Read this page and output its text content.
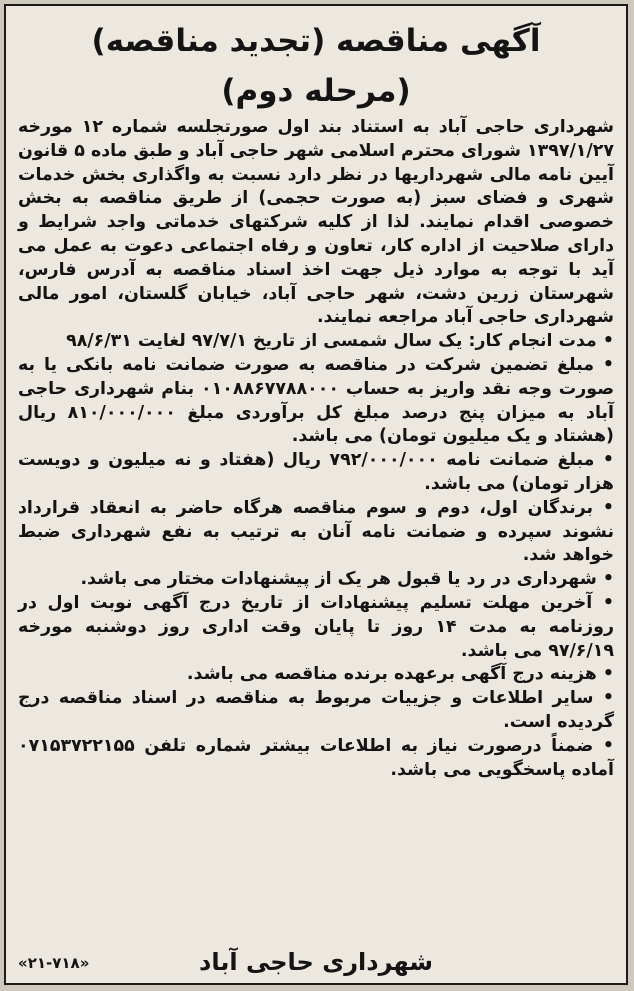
آگهی مناقصه (تجدید مناقصه)
(مرحله دوم)

شهرداری حاجی آباد به استناد بند اول صورتجلسه شماره ۱۲ مورخه ۱۳۹۷/۱/۲۷ شورای محترم اسلامی شهر حاجی آباد و طبق ماده ۵ قانون آیین نامه مالی شهرداریها در نظر دارد نسبت به واگذاری بخش خدمات شهری و فضای سبز (به صورت حجمی) از طریق مناقصه به بخش خصوصی اقدام نمایند. لذا از کلیه شرکتهای خدماتی واجد شرایط و دارای صلاحیت از اداره کار، تعاون و رفاه اجتماعی دعوت به عمل می آید با توجه به موارد ذیل جهت اخذ اسناد مناقصه به آدرس فارس، شهرستان زرین دشت، شهر حاجی آباد، خیابان گلستان، امور مالی شهرداری حاجی آباد مراجعه نمایند.

• مدت انجام کار: یک سال شمسی از تاریخ ۹۷/۷/۱ لغایت ۹۸/۶/۳۱
• مبلغ تضمین شرکت در مناقصه به صورت ضمانت نامه بانکی یا به صورت وجه نقد واریز به حساب ۰۱۰۸۸۶۷۷۸۸۰۰۰ بنام شهرداری حاجی آباد به میزان پنج درصد مبلغ کل برآوردی مبلغ ۸۱۰/۰۰۰/۰۰۰ ریال (هشتاد و یک میلیون تومان) می باشد.
• مبلغ ضمانت نامه ۷۹۲/۰۰۰/۰۰۰ ریال (هفتاد و نه میلیون و دویست هزار تومان) می باشد.
• برندگان اول، دوم و سوم مناقصه هرگاه حاضر به انعقاد قرارداد نشوند سپرده و ضمانت نامه آنان به ترتیب به نفع شهرداری ضبط خواهد شد.
• شهرداری در رد یا قبول هر یک از پیشنهادات مختار می باشد.
• آخرین مهلت تسلیم پیشنهادات از تاریخ درج آگهی نوبت اول در روزنامه به مدت ۱۴ روز تا پایان وقت اداری روز دوشنبه مورخه ۹۷/۶/۱۹ می باشد.
• هزینه درج آگهی برعهده برنده مناقصه می باشد.
• سایر اطلاعات و جزییات مربوط به مناقصه در اسناد مناقصه درج گردیده است.
• ضمناً درصورت نیاز به اطلاعات بیشتر شماره تلفن ۰۷۱۵۳۷۲۲۱۵۵ آماده پاسخگویی می باشد.
شهرداری حاجی آباد
«۲۱-۷۱۸»
